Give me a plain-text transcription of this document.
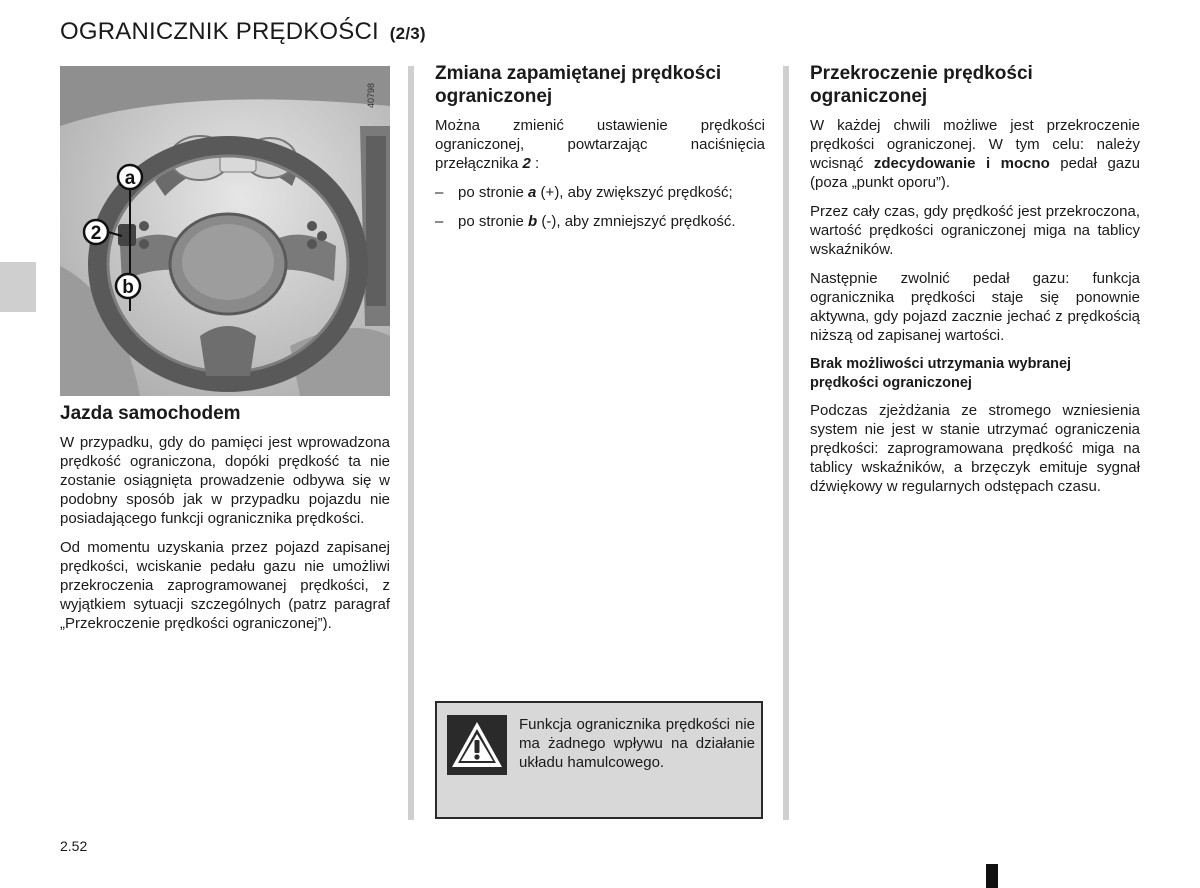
OGRANICZNIK PRĘDKOŚCI (2/3)
a
2
b
40798
Jazda samochodem

W przypadku, gdy do pamięci jest wprowadzona prędkość ograniczona, dopóki prędkość ta nie zostanie osiągnięta prowadzenie odbywa się w podobny sposób jak w przypadku pojazdu nie posiadającego funkcji ogranicznika prędkości.

Od momentu uzyskania przez pojazd zapisanej prędkości, wciskanie pedału gazu nie umożliwi przekroczenia zaprogramowanej prędkości, z wyjątkiem sytuacji szczególnych (patrz paragraf „Przekroczenie prędkości ograniczonej”).

Zmiana zapamiętanej prędkości ograniczonej

Można zmienić ustawienie prędkości ograniczonej, powtarzając naciśnięcia przełącznika 2 :

– po stronie a (+), aby zwiększyć prędkość;
– po stronie b (-), aby zmniejszyć prędkość.
Funkcja ogranicznika prędkości nie ma żadnego wpływu na działanie układu hamulcowego.
Przekroczenie prędkości ograniczonej

W każdej chwili możliwe jest przekroczenie prędkości ograniczonej. W tym celu: należy wcisnąć zdecydowanie i mocno pedał gazu (poza „punkt oporu”).

Przez cały czas, gdy prędkość jest przekroczona, wartość prędkości ograniczonej miga na tablicy wskaźników.

Następnie zwolnić pedał gazu: funkcja ogranicznika prędkości staje się ponownie aktywna, gdy pojazd zacznie jechać z prędkością niższą od zapisanej wartości.

Brak możliwości utrzymania wybranej prędkości ograniczonej

Podczas zjeżdżania ze stromego wzniesienia system nie jest w stanie utrzymać ograniczenia prędkości: zaprogramowana prędkość miga na tablicy wskaźników, a brzęczyk emituje sygnał dźwiękowy w regularnych odstępach czasu.

2.52
